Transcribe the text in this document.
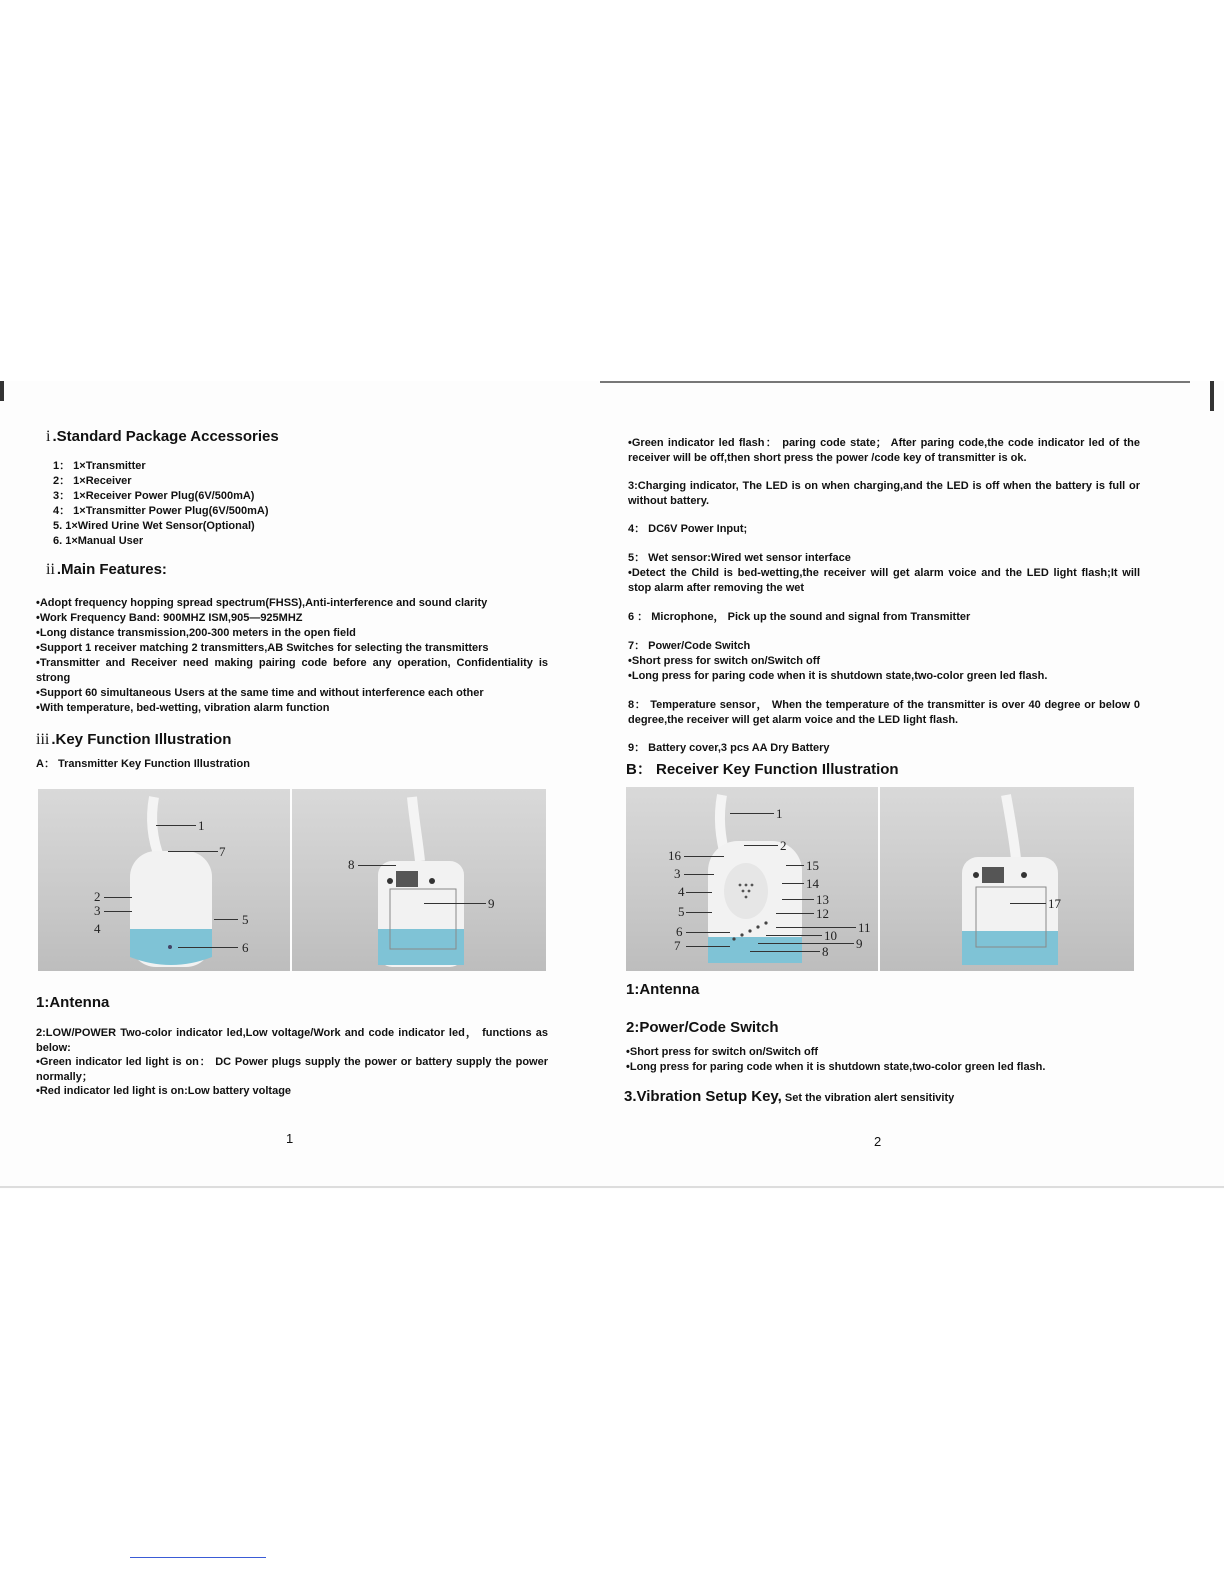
i .Standard Package Accessories
1： 1×Transmitter
2： 1×Receiver
3： 1×Receiver Power Plug(6V/500mA)
4： 1×Transmitter Power Plug(6V/500mA)
5. 1×Wired Urine Wet Sensor(Optional)
6. 1×Manual User
ii .Main Features:
•Adopt frequency hopping spread spectrum(FHSS),Anti-interference and sound clarity
•Work Frequency Band: 900MHZ ISM,905—925MHZ
•Long distance transmission,200-300 meters in the open field
•Support 1 receiver matching 2 transmitters,AB Switches for selecting the transmitters
•Transmitter and Receiver need making pairing code before any operation, Confidentiality is strong
•Support 60 simultaneous Users at the same time and without interference each other
•With temperature, bed-wetting, vibration alarm function
iii .Key Function Illustration
A： Transmitter Key Function Illustration
1
7
2
3
4
5
6
8
9
1:Antenna
2:LOW/POWER Two-color indicator led,Low voltage/Work and code indicator led， functions as below:
•Green indicator led light is on： DC Power plugs supply the power or battery supply the power normally；
•Red indicator led light is on:Low battery voltage
1
•Green indicator led flash： paring code state； After paring code,the code indicator led of the receiver will be off,then short press the power /code key of transmitter is ok.
3:Charging indicator, The LED is on when charging,and the LED is off when the battery is full or without battery.
4： DC6V Power Input;
5： Wet sensor:Wired wet sensor interface
•Detect the Child is bed-wetting,the receiver will get alarm voice and the LED light flash;It will stop alarm after removing the wet
6 ： Microphone， Pick up the sound and signal from Transmitter
7： Power/Code Switch
•Short press for switch on/Switch off
•Long press for paring code when it is shutdown state,two-color green led flash.
8： Temperature sensor， When the temperature of the transmitter is over 40 degree or below 0 degree,the receiver will get alarm voice and the LED light flash.
9： Battery cover,3 pcs AA Dry Battery
B： Receiver Key Function Illustration
1
2
16
15
3
14
4
13
5	12
11
6	10
9
7	8
17
1:Antenna
2:Power/Code Switch
•Short press for switch on/Switch off
•Long press for paring code when it is shutdown state,two-color green led flash.
3.Vibration Setup Key, Set the vibration alert sensitivity
2
